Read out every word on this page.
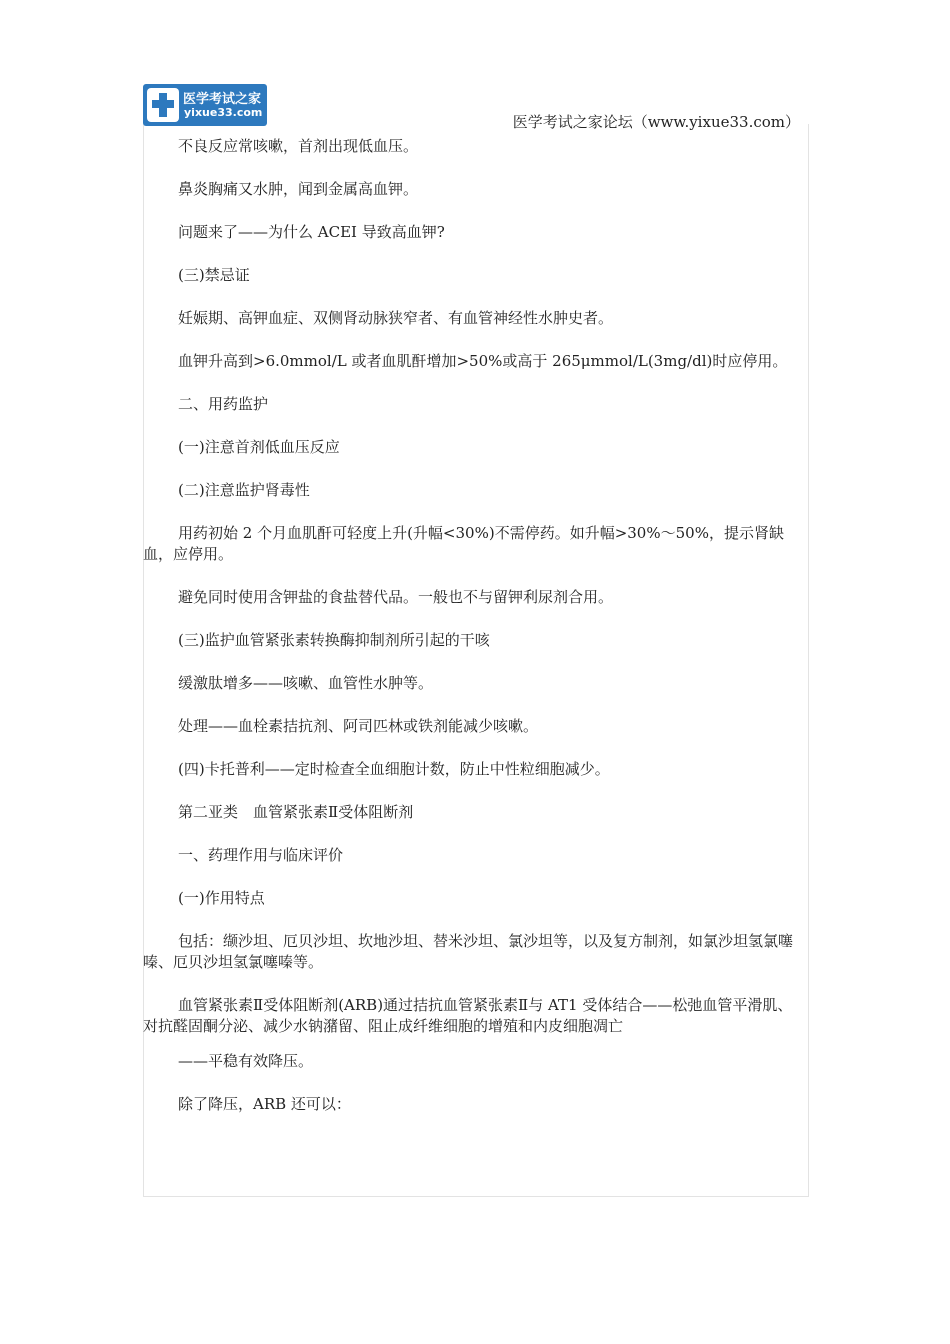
医学考试之家
yixue33.com
医学考试之家论坛（www.yixue33.com）

不良反应常咳嗽，首剂出现低血压。

鼻炎胸痛又水肿，闻到金属高血钾。

问题来了——为什么 ACEI 导致高血钾?

(三)禁忌证

妊娠期、高钾血症、双侧肾动脉狭窄者、有血管神经性水肿史者。

血钾升高到>6.0mmol/L 或者血肌酐增加>50%或高于 265μmmol/L(3mg/dl)时应停用。

二、用药监护

(一)注意首剂低血压反应

(二)注意监护肾毒性

用药初始 2 个月血肌酐可轻度上升(升幅<30%)不需停药。如升幅>30%～50%，提示肾缺血，应停用。

避免同时使用含钾盐的食盐替代品。一般也不与留钾利尿剂合用。

(三)监护血管紧张素转换酶抑制剂所引起的干咳

缓激肽增多——咳嗽、血管性水肿等。

处理——血栓素拮抗剂、阿司匹林或铁剂能减少咳嗽。

(四)卡托普利——定时检查全血细胞计数，防止中性粒细胞减少。

第二亚类　血管紧张素Ⅱ受体阻断剂

一、药理作用与临床评价

(一)作用特点

包括：缬沙坦、厄贝沙坦、坎地沙坦、替米沙坦、氯沙坦等，以及复方制剂，如氯沙坦氢氯噻嗪、厄贝沙坦氢氯噻嗪等。

血管紧张素Ⅱ受体阻断剂(ARB)通过拮抗血管紧张素Ⅱ与 AT1 受体结合——松弛血管平滑肌、对抗醛固酮分泌、减少水钠潴留、阻止成纤维细胞的增殖和内皮细胞凋亡

——平稳有效降压。

除了降压，ARB 还可以：
